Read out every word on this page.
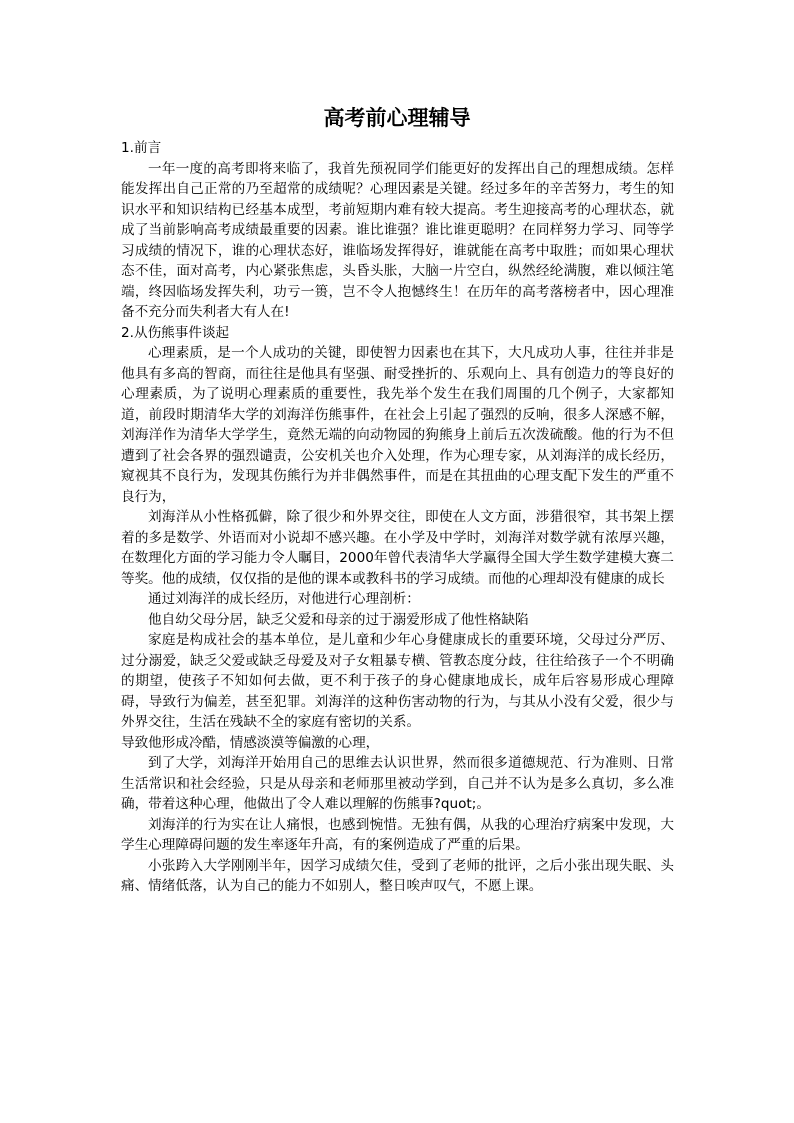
高考前心理辅导

1.前言

一年一度的高考即将来临了，我首先预祝同学们能更好的发挥出自己的理想成绩。怎样能发挥出自己正常的乃至超常的成绩呢？心理因素是关键。经过多年的辛苦努力，考生的知识水平和知识结构已经基本成型，考前短期内难有较大提高。考生迎接高考的心理状态，就成了当前影响高考成绩最重要的因素。谁比谁强？谁比谁更聪明？在同样努力学习、同等学习成绩的情况下，谁的心理状态好，谁临场发挥得好，谁就能在高考中取胜；而如果心理状态不佳，面对高考，内心紧张焦虑，头昏头胀，大脑一片空白，纵然经纶满腹，难以倾注笔端，终因临场发挥失利，功亏一篑，岂不令人抱憾终生！在历年的高考落榜者中，因心理准备不充分而失利者大有人在!

2.从伤熊事件谈起

心理素质，是一个人成功的关键，即使智力因素也在其下，大凡成功人事，往往并非是他具有多高的智商，而往往是他具有坚强、耐受挫折的、乐观向上、具有创造力的等良好的心理素质，为了说明心理素质的重要性，我先举个发生在我们周围的几个例子，大家都知道，前段时期清华大学的刘海洋伤熊事件，在社会上引起了强烈的反响，很多人深感不解，刘海洋作为清华大学学生，竟然无端的向动物园的狗熊身上前后五次泼硫酸。他的行为不但遭到了社会各界的强烈谴责，公安机关也介入处理，作为心理专家，从刘海洋的成长经历，窥视其不良行为，发现其伤熊行为并非偶然事件，而是在其扭曲的心理支配下发生的严重不良行为，

刘海洋从小性格孤僻，除了很少和外界交往，即使在人文方面，涉猎很窄，其书架上摆着的多是数学、外语而对小说却不感兴趣。在小学及中学时，刘海洋对数学就有浓厚兴趣，在数理化方面的学习能力令人瞩目，2000年曾代表清华大学赢得全国大学生数学建模大赛二等奖。他的成绩，仅仅指的是他的课本或教科书的学习成绩。而他的心理却没有健康的成长

通过刘海洋的成长经历，对他进行心理剖析：

他自幼父母分居，缺乏父爱和母亲的过于溺爱形成了他性格缺陷

家庭是构成社会的基本单位，是儿童和少年心身健康成长的重要环境，父母过分严厉、过分溺爱，缺乏父爱或缺乏母爱及对子女粗暴专横、管教态度分歧，往往给孩子一个不明确的期望，使孩子不知如何去做，更不利于孩子的身心健康地成长，成年后容易形成心理障碍，导致行为偏差，甚至犯罪。刘海洋的这种伤害动物的行为，与其从小没有父爱，很少与外界交往，生活在残缺不全的家庭有密切的关系。

导致他形成冷酷，情感淡漠等偏激的心理，

到了大学，刘海洋开始用自己的思维去认识世界，然而很多道德规范、行为准则、日常生活常识和社会经验，只是从母亲和老师那里被动学到，自己并不认为是多么真切，多么准确，带着这种心理，他做出了令人难以理解的伤熊事?quot;。

刘海洋的行为实在让人痛恨，也感到惋惜。无独有偶，从我的心理治疗病案中发现，大学生心理障碍问题的发生率逐年升高，有的案例造成了严重的后果。

小张跨入大学刚刚半年，因学习成绩欠佳，受到了老师的批评，之后小张出现失眠、头痛、情绪低落，认为自己的能力不如别人，整日唉声叹气，不愿上课。
